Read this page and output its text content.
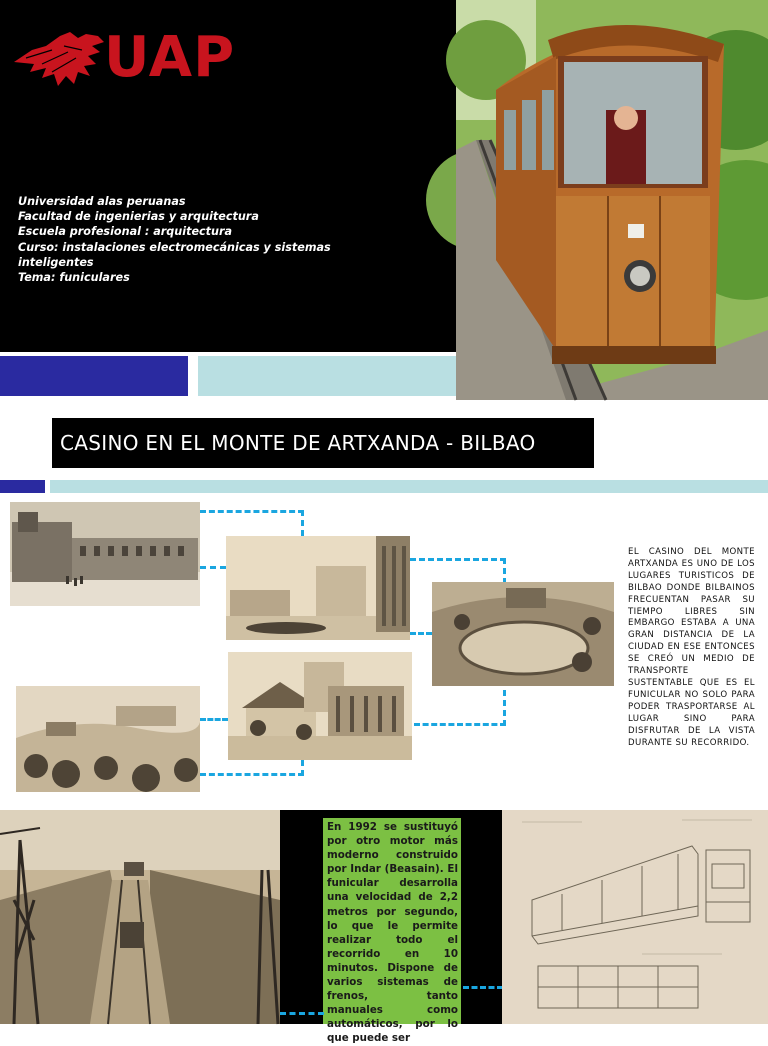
UAP
Universidad alas peruanas
Facultad de ingenierias y arquitectura
Escuela profesional : arquitectura
Curso: instalaciones electromecánicas y sistemas inteligentes
Tema: funiculares
CASINO EN EL MONTE DE ARTXANDA - BILBAO
EL CASINO DEL MONTE ARTXANDA ES UNO DE LOS LUGARES TURISTICOS DE BILBAO DONDE BILBAINOS FRECUENTAN PASAR SU TIEMPO LIBRES SIN EMBARGO ESTABA A UNA GRAN DISTANCIA DE LA CIUDAD EN ESE ENTONCES SE CREÓ UN MEDIO DE TRANSPORTE SUSTENTABLE QUE ES EL FUNICULAR NO SOLO PARA PODER TRASPORTARSE AL LUGAR SINO PARA DISFRUTAR DE LA VISTA DURANTE SU RECORRIDO.
En 1992 se sustituyó por otro motor más moderno construido por Indar (Beasain). El funicular desarrolla una velocidad de 2,2 metros por segundo, lo que le permite realizar todo el recorrido en 10 minutos. Dispone de varios sistemas de frenos, tanto manuales como automáticos, por lo que puede ser
